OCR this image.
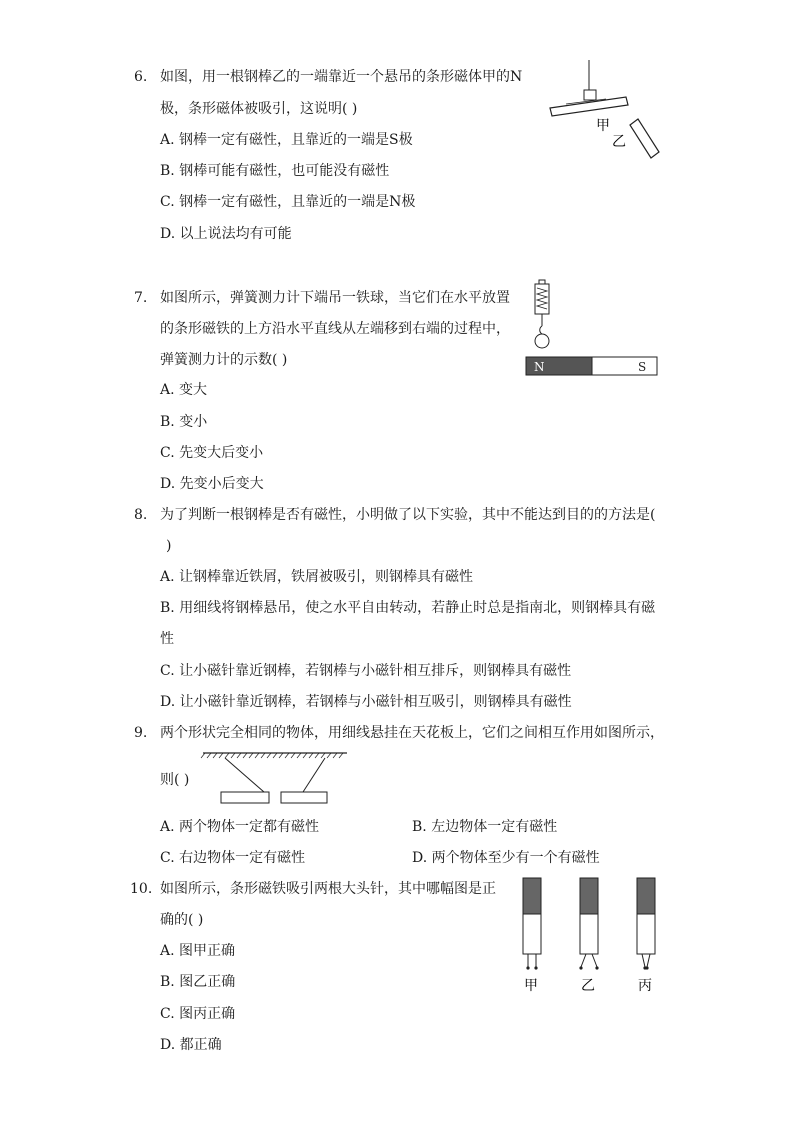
6. 如图，用一根钢棒乙的一端靠近一个悬吊的条形磁体甲的N
极，条形磁体被吸引，这说明( )
A. 钢棒一定有磁性，且靠近的一端是S极
B. 钢棒可能有磁性，也可能没有磁性
C. 钢棒一定有磁性，且靠近的一端是N极
D. 以上说法均有可能
甲
乙
7. 如图所示，弹簧测力计下端吊一铁球，当它们在水平放置
的条形磁铁的上方沿水平直线从左端移到右端的过程中，
弹簧测力计的示数( )
A. 变大
B. 变小
C. 先变大后变小
D. 先变小后变大
N	S
8. 为了判断一根钢棒是否有磁性，小明做了以下实验，其中不能达到目的的方法是(
)
A. 让钢棒靠近铁屑，铁屑被吸引，则钢棒具有磁性
B. 用细线将钢棒悬吊，使之水平自由转动，若静止时总是指南北，则钢棒具有磁
性
C. 让小磁针靠近钢棒，若钢棒与小磁针相互排斥，则钢棒具有磁性
D. 让小磁针靠近钢棒，若钢棒与小磁针相互吸引，则钢棒具有磁性
9. 两个形状完全相同的物体，用细线悬挂在天花板上，它们之间相互作用如图所示，
则( )
A. 两个物体一定都有磁性	B. 左边物体一定有磁性
C. 右边物体一定有磁性	D. 两个物体至少有一个有磁性
10. 如图所示，条形磁铁吸引两根大头针，其中哪幅图是正
确的( )
A. 图甲正确
B. 图乙正确
C. 图丙正确
D. 都正确
甲	乙	丙
